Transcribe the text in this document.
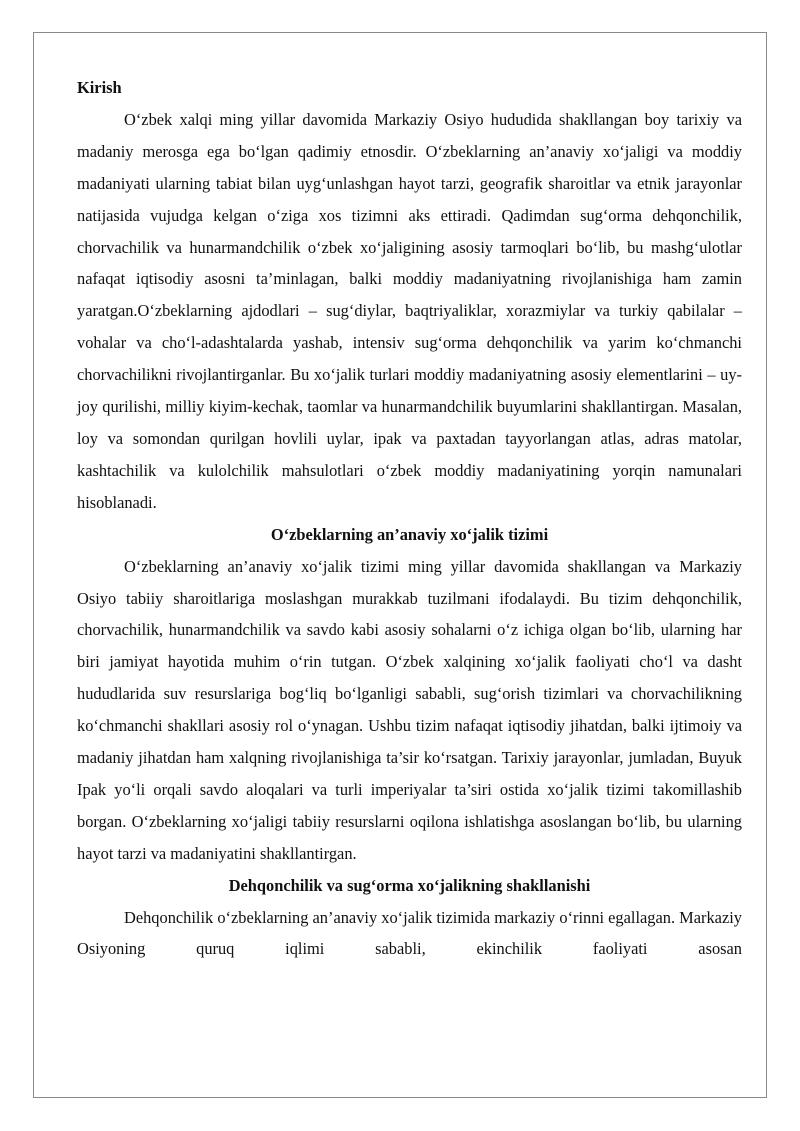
Kirish

O‘zbek xalqi ming yillar davomida Markaziy Osiyo hududida shakllangan boy tarixiy va madaniy merosga ega bo‘lgan qadimiy etnosdir. O‘zbeklarning an’anaviy xo‘jaligi va moddiy madaniyati ularning tabiat bilan uyg‘unlashgan hayot tarzi, geografik sharoitlar va etnik jarayonlar natijasida vujudga kelgan o‘ziga xos tizimni aks ettiradi. Qadimdan sug‘orma dehqonchilik, chorvachilik va hunarmandchilik o‘zbek xo‘jaligining asosiy tarmoqlari bo‘lib, bu mashg‘ulotlar nafaqat iqtisodiy asosni ta’minlagan, balki moddiy madaniyatning rivojlanishiga ham zamin yaratgan.O‘zbeklarning ajdodlari – sug‘diylar, baqtriyaliklar, xorazmiylar va turkiy qabilalar – vohalar va cho‘l-adashtalarda yashab, intensiv sug‘orma dehqonchilik va yarim ko‘chmanchi chorvachilikni rivojlantirganlar. Bu xo‘jalik turlari moddiy madaniyatning asosiy elementlarini – uy-joy qurilishi, milliy kiyim-kechak, taomlar va hunarmandchilik buyumlarini shakllantirgan. Masalan, loy va somondan qurilgan hovlili uylar, ipak va paxtadan tayyorlangan atlas, adras matolar, kashtachilik va kulolchilik mahsulotlari o‘zbek moddiy madaniyatining yorqin namunalari hisoblanadi.

O‘zbeklarning an’anaviy xo‘jalik tizimi

O‘zbeklarning an’anaviy xo‘jalik tizimi ming yillar davomida shakllangan va Markaziy Osiyo tabiiy sharoitlariga moslashgan murakkab tuzilmani ifodalaydi. Bu tizim dehqonchilik, chorvachilik, hunarmandchilik va savdo kabi asosiy sohalarni o‘z ichiga olgan bo‘lib, ularning har biri jamiyat hayotida muhim o‘rin tutgan. O‘zbek xalqining xo‘jalik faoliyati cho‘l va dasht hududlarida suv resurslariga bog‘liq bo‘lganligi sababli, sug‘orish tizimlari va chorvachilikning ko‘chmanchi shakllari asosiy rol o‘ynagan. Ushbu tizim nafaqat iqtisodiy jihatdan, balki ijtimoiy va madaniy jihatdan ham xalqning rivojlanishiga ta’sir ko‘rsatgan. Tarixiy jarayonlar, jumladan, Buyuk Ipak yo‘li orqali savdo aloqalari va turli imperiyalar ta’siri ostida xo‘jalik tizimi takomillashib borgan. O‘zbeklarning xo‘jaligi tabiiy resurslarni oqilona ishlatishga asoslangan bo‘lib, bu ularning hayot tarzi va madaniyatini shakllantirgan.

Dehqonchilik va sug‘orma xo‘jalikning shakllanishi

Dehqonchilik o‘zbeklarning an’anaviy xo‘jalik tizimida markaziy o‘rinni egallagan. Markaziy Osiyoning quruq iqlimi sababli, ekinchilik faoliyati asosan
